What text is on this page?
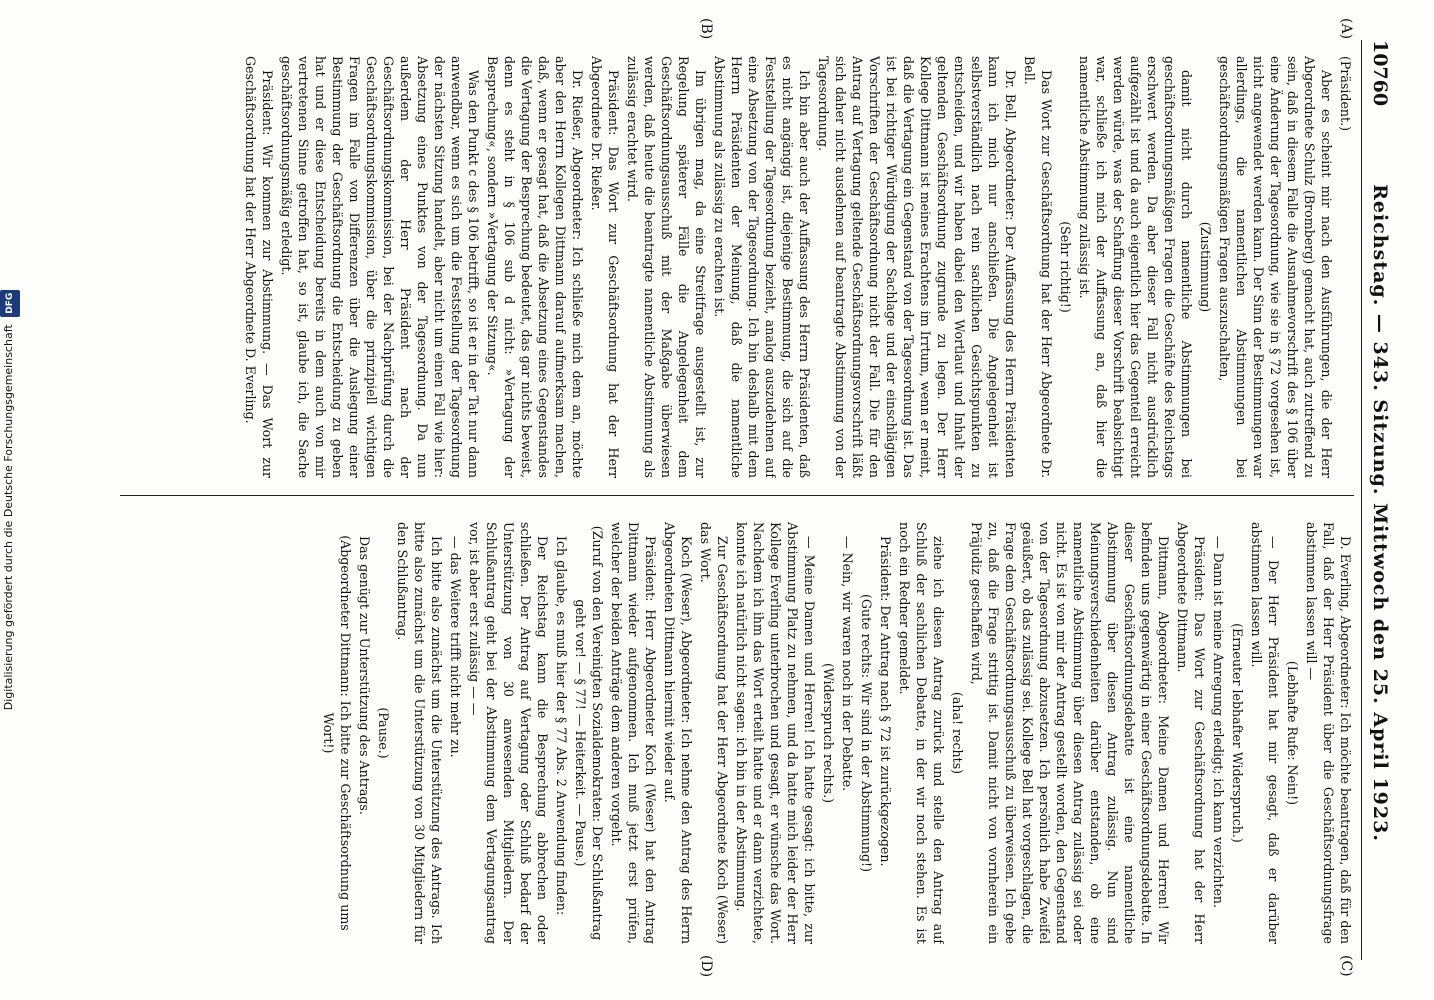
10760
Reichstag. — 343. Sitzung. Mittwoch den 25. April 1923.
(A)
(B)
(C)
(D)

(Präsident.)

Aber es scheint mir nach den Ausführungen, die der Herr Abgeordnete Schulz (Bromberg) gemacht hat, auch zutreffend zu sein, daß in diesem Falle die Ausnahmevorschrift des § 106 über eine Änderung der Tagesordnung, wie sie in § 72 vorgesehen ist, nicht angewendet werden kann. Der Sinn der Bestimmungen war allerdings, die namentlichen Abstimmungen bei geschäftsordnungsmäßigen Fragen auszuschalten,

(Zustimmung)

damit nicht durch namentliche Abstimmungen bei geschäftsordnungsmäßigen Fragen die Geschäfte des Reichstags erschwert werden. Da aber dieser Fall nicht ausdrücklich aufgezählt ist und da auch eigentlich hier das Gegenteil erreicht werden würde, was der Schaffung dieser Vorschrift beabsichtigt war, schließe ich mich der Auffassung an, daß hier die namentliche Abstimmung zulässig ist.

(Sehr richtig!)

Das Wort zur Geschäftsordnung hat der Herr Abgeordnete Dr. Bell.

Dr. Bell, Abgeordneter: Der Auffassung des Herrn Präsidenten kann ich mich nur anschließen. Die Angelegenheit ist selbstverständlich nach rein sachlichen Gesichtspunkten zu entscheiden, und wir haben dabei den Wortlaut und Inhalt der geltenden Geschäftsordnung zugrunde zu legen. Der Herr Kollege Dittmann ist meines Erachtens im Irrtum, wenn er meint, daß die Vertagung ein Gegenstand von der Tagesordnung ist. Das ist bei richtiger Würdigung der Sachlage und der einschlägigen Vorschriften der Geschäftsordnung nicht der Fall. Die für den Antrag auf Vertagung geltende Geschäftsordnungsvorschrift läßt sich daher nicht ausdehnen auf beantragte Abstimmung von der Tagesordnung.

Ich bin aber auch der Auffassung des Herrn Präsidenten, daß es nicht angängig ist, diejenige Bestimmung, die sich auf die Feststellung der Tagesordnung bezieht, analog auszudehnen auf eine Absetzung von der Tagesordnung. Ich bin deshalb mit dem Herrn Präsidenten der Meinung, daß die namentliche Abstimmung als zulässig zu erachten ist.

Im übrigen mag, da eine Streitfrage ausgestellt ist, zur Regelung späterer Fälle die Angelegenheit dem Geschäftsordnungsausschuß mit der Maßgabe überwiesen werden, daß heute die beantragte namentliche Abstimmung als zulässig erachtet wird.

Präsident: Das Wort zur Geschäftsordnung hat der Herr Abgeordnete Dr. Rießer.

Dr. Rießer, Abgeordneter: Ich schließe mich dem an, möchte aber den Herrn Kollegen Dittmann darauf aufmerksam machen, daß, wenn er gesagt hat, daß die Absetzung eines Gegenstandes die Vertagung der Besprechung bedeutet, das gar nichts beweist, denn es steht in § 106 sub d nicht: »Vertagung der Besprechung«, sondern »Vertagung der Sitzung«.

Was den Punkt c des § 106 betrifft, so ist er in der Tat nur dann anwendbar, wenn es sich um die Feststellung der Tagesordnung der nächsten Sitzung handelt, aber nicht um einen Fall wie hier: Absetzung eines Punktes von der Tagesordnung. Da nun außerdem der Herr Präsident nach der Geschäftsordnungskommission, bei der Nachprüfung durch die Geschäftsordnungskommission, über die prinzipiell wichtigen Fragen im Falle von Differenzen über die Auslegung einer Bestimmung der Geschäftsordnung die Entscheidung zu geben hat und er diese Entscheidung bereits in dem auch von mir vertretenen Sinne getroffen hat, so ist, glaube ich, die Sache geschäftsordnungsmäßig erledigt.

Präsident: Wir kommen zur Abstimmung. — Das Wort zur Geschäftsordnung hat der Herr Abgeordnete D. Everling.

D. Everling, Abgeordneter: Ich möchte beantragen, daß für den Fall, daß der Herr Präsident über die Geschäftsordnungsfrage abstimmen lassen will —

(Lebhafte Rufe: Nein!)

— Der Herr Präsident hat mir gesagt, daß er darüber abstimmen lassen will.

(Erneuter lebhafter Widerspruch.)

— Dann ist meine Anregung erledigt; ich kann verzichten.

Präsident: Das Wort zur Geschäftsordnung hat der Herr Abgeordnete Dittmann.

Dittmann, Abgeordneter: Meine Damen und Herren! Wir befinden uns gegenwärtig in einer Geschäftsordnungsdebatte. In dieser Geschäftsordnungsdebatte ist eine namentliche Abstimmung über diesen Antrag zulässig. Nun sind Meinungsverschiedenheiten darüber entstanden, ob eine namentliche Abstimmung über diesen Antrag zulässig sei oder nicht. Es ist von mir der Antrag gestellt worden, den Gegenstand von der Tagesordnung abzusetzen. Ich persönlich habe Zweifel geäußert, ob das zulässig sei. Kollege Bell hat vorgeschlagen, die Frage dem Geschäftsordnungsausschuß zu überweisen. Ich gebe zu, daß die Frage strittig ist. Damit nicht von vornherein ein Präjudiz geschaffen wird,

(aha! rechts)

ziehe ich diesen Antrag zurück und stelle den Antrag auf Schluß der sachlichen Debatte, in der wir noch stehen. Es ist noch ein Redner gemeldet.

Präsident: Der Antrag nach § 72 ist zurückgezogen.

(Gute rechts: Wir sind in der Abstimmung!)

— Nein, wir waren noch in der Debatte.

(Widerspruch rechts.)

— Meine Damen und Herren! Ich hatte gesagt: ich bitte, zur Abstimmung Platz zu nehmen, und da hatte mich leider der Herr Kollege Everling unterbrochen und gesagt, er wünsche das Wort. Nachdem ich ihm das Wort erteilt hatte und er dann verzichtete, konnte ich natürlich nicht sagen: ich bin in der Abstimmung.

Zur Geschäftsordnung hat der Herr Abgeordnete Koch (Weser) das Wort.

Koch (Weser), Abgeordneter: Ich nehme den Antrag des Herrn Abgeordneten Dittmann hiermit wieder auf.

Präsident: Herr Abgeordneter Koch (Weser) hat den Antrag Dittmann wieder aufgenommen. Ich muß jetzt erst prüfen, welcher der beiden Anträge dem anderen vorgeht.

(Zuruf von den Vereinigten Sozialdemokraten: Der Schlußantrag geht vor! — § 77! — Heiterkeit. — Pause.)

Ich glaube, es muß hier der § 77 Abs. 2 Anwendung finden:

Der Reichstag kann die Besprechung abbrechen oder schließen. Der Antrag auf Vertagung oder Schluß bedarf der Unterstützung von 30 anwesenden Mitgliedern. Der Schlußantrag geht bei der Abstimmung dem Vertagungsantrag vor, ist aber erst zulässig — —

— das Weitere trifft nicht mehr zu.

Ich bitte also zunächst um die Unterstützung des Antrags. Ich bitte also zunächst um die Unterstützung von 30 Mitgliedern für den Schlußantrag.

(Pause.)

Das genügt zur Unterstützung des Antrags.

(Abgeordneter Dittmann: Ich bitte zur Geschäftsordnung ums Wort!)

Digitalisierung gefördert durch die Deutsche Forschungsgemeinschaft DFG
